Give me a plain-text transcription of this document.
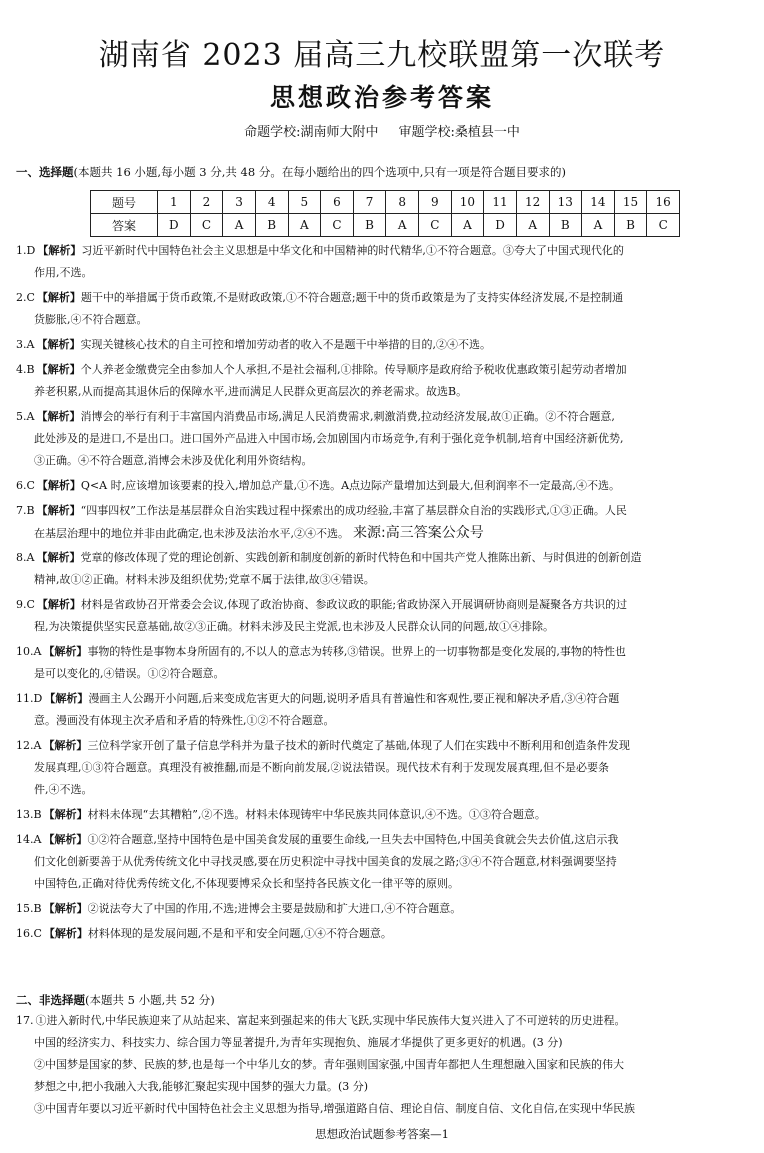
湖南省 2023 届高三九校联盟第一次联考
思想政治参考答案
命题学校:湖南师大附中 审题学校:桑植县一中
一、选择题(本题共 16 小题,每小题 3 分,共 48 分。在每小题给出的四个选项中,只有一项是符合题目要求的)
题号	1	2	3	4	5	6	7	8	9	10	11	12	13	14	15	16
答案	D	C	A	B	A	C	B	A	C	A	D	A	B	A	B	C
1.D 【解析】习近平新时代中国特色社会主义思想是中华文化和中国精神的时代精华,①不符合题意。③夸大了中国式现代化的
作用,不选。
2.C 【解析】题干中的举措属于货币政策,不是财政政策,①不符合题意;题干中的货币政策是为了支持实体经济发展,不是控制通
货膨胀,④不符合题意。
3.A 【解析】实现关键核心技术的自主可控和增加劳动者的收入不是题干中举措的目的,②④不选。
4.B 【解析】个人养老金缴费完全由参加人个人承担,不是社会福利,①排除。传导顺序是政府给予税收优惠政策引起劳动者增加
养老积累,从而提高其退休后的保障水平,进而满足人民群众更高层次的养老需求。故选B。
5.A 【解析】消博会的举行有利于丰富国内消费品市场,满足人民消费需求,刺激消费,拉动经济发展,故①正确。②不符合题意,
此处涉及的是进口,不是出口。进口国外产品进入中国市场,会加剧国内市场竞争,有利于强化竞争机制,培育中国经济新优势,
③正确。④不符合题意,消博会未涉及优化利用外资结构。
6.C 【解析】Q<A 时,应该增加该要素的投入,增加总产量,①不选。A点边际产量增加达到最大,但利润率不一定最高,④不选。
7.B 【解析】“四事四权”工作法是基层群众自治实践过程中探索出的成功经验,丰富了基层群众自治的实践形式,①③正确。人民
在基层治理中的地位并非由此确定,也未涉及法治水平,②④不选。 来源:高三答案公众号
8.A 【解析】党章的修改体现了党的理论创新、实践创新和制度创新的新时代特色和中国共产党人推陈出新、与时俱进的创新创造
精神,故①②正确。材料未涉及组织优势;党章不属于法律,故③④错误。
9.C 【解析】材料是省政协召开常委会会议,体现了政治协商、参政议政的职能;省政协深入开展调研协商则是凝聚各方共识的过
程,为决策提供坚实民意基础,故②③正确。材料未涉及民主党派,也未涉及人民群众认同的问题,故①④排除。
10.A 【解析】事物的特性是事物本身所固有的,不以人的意志为转移,③错误。世界上的一切事物都是变化发展的,事物的特性也
是可以变化的,④错误。①②符合题意。
11.D 【解析】漫画主人公踢开小问题,后来变成危害更大的问题,说明矛盾具有普遍性和客观性,要正视和解决矛盾,③④符合题
意。漫画没有体现主次矛盾和矛盾的特殊性,①②不符合题意。
12.A 【解析】三位科学家开创了量子信息学科并为量子技术的新时代奠定了基础,体现了人们在实践中不断利用和创造条件发现
发展真理,①③符合题意。真理没有被推翻,而是不断向前发展,②说法错误。现代技术有利于发现发展真理,但不是必要条
件,④不选。
13.B 【解析】材料未体现“去其糟粕”,②不选。材料未体现铸牢中华民族共同体意识,④不选。①③符合题意。
14.A 【解析】①②符合题意,坚持中国特色是中国美食发展的重要生命线,一旦失去中国特色,中国美食就会失去价值,这启示我
们文化创新要善于从优秀传统文化中寻找灵感,要在历史积淀中寻找中国美食的发展之路;③④不符合题意,材料强调要坚持
中国特色,正确对待优秀传统文化,不体现要博采众长和坚持各民族文化一律平等的原则。
15.B 【解析】②说法夸大了中国的作用,不选;进博会主要是鼓励和扩大进口,④不符合题意。
16.C 【解析】材料体现的是发展问题,不是和平和安全问题,①④不符合题意。
二、非选择题(本题共 5 小题,共 52 分)
17. ①进入新时代,中华民族迎来了从站起来、富起来到强起来的伟大飞跃,实现中华民族伟大复兴进入了不可逆转的历史进程。
中国的经济实力、科技实力、综合国力等显著提升,为青年实现抱负、施展才华提供了更多更好的机遇。(3 分)
②中国梦是国家的梦、民族的梦,也是每一个中华儿女的梦。青年强则国家强,中国青年都把人生理想融入国家和民族的伟大
梦想之中,把小我融入大我,能够汇聚起实现中国梦的强大力量。(3 分)
③中国青年要以习近平新时代中国特色社会主义思想为指导,增强道路自信、理论自信、制度自信、文化自信,在实现中华民族
思想政治试题参考答案—1
